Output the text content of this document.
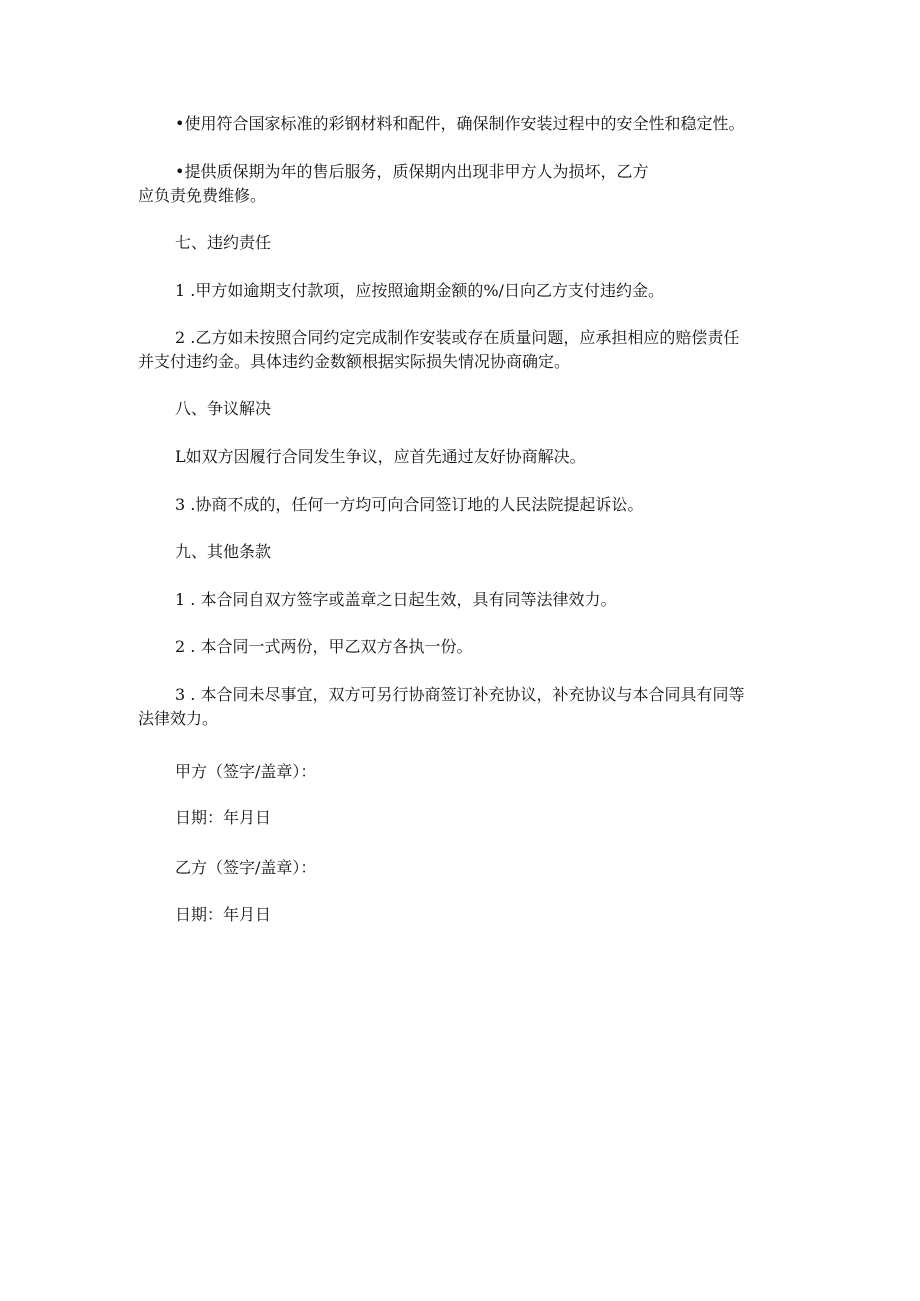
•使用符合国家标准的彩钢材料和配件，确保制作安装过程中的安全性和稳定性。

•提供质保期为年的售后服务，质保期内出现非甲方人为损坏，乙方
应负责免费维修。

七、违约责任

1 .甲方如逾期支付款项，应按照逾期金额的%/日向乙方支付违约金。

2 .乙方如未按照合同约定完成制作安装或存在质量问题，应承担相应的赔偿责任
并支付违约金。具体违约金数额根据实际损失情况协商确定。

八、争议解决

L如双方因履行合同发生争议，应首先通过友好协商解决。

3 .协商不成的，任何一方均可向合同签订地的人民法院提起诉讼。

九、其他条款

1 . 本合同自双方签字或盖章之日起生效，具有同等法律效力。

2 . 本合同一式两份，甲乙双方各执一份。

3 . 本合同未尽事宜，双方可另行协商签订补充协议，补充协议与本合同具有同等
法律效力。

甲方（签字/盖章）：

日期：年月日

乙方（签字/盖章）：

日期：年月日
